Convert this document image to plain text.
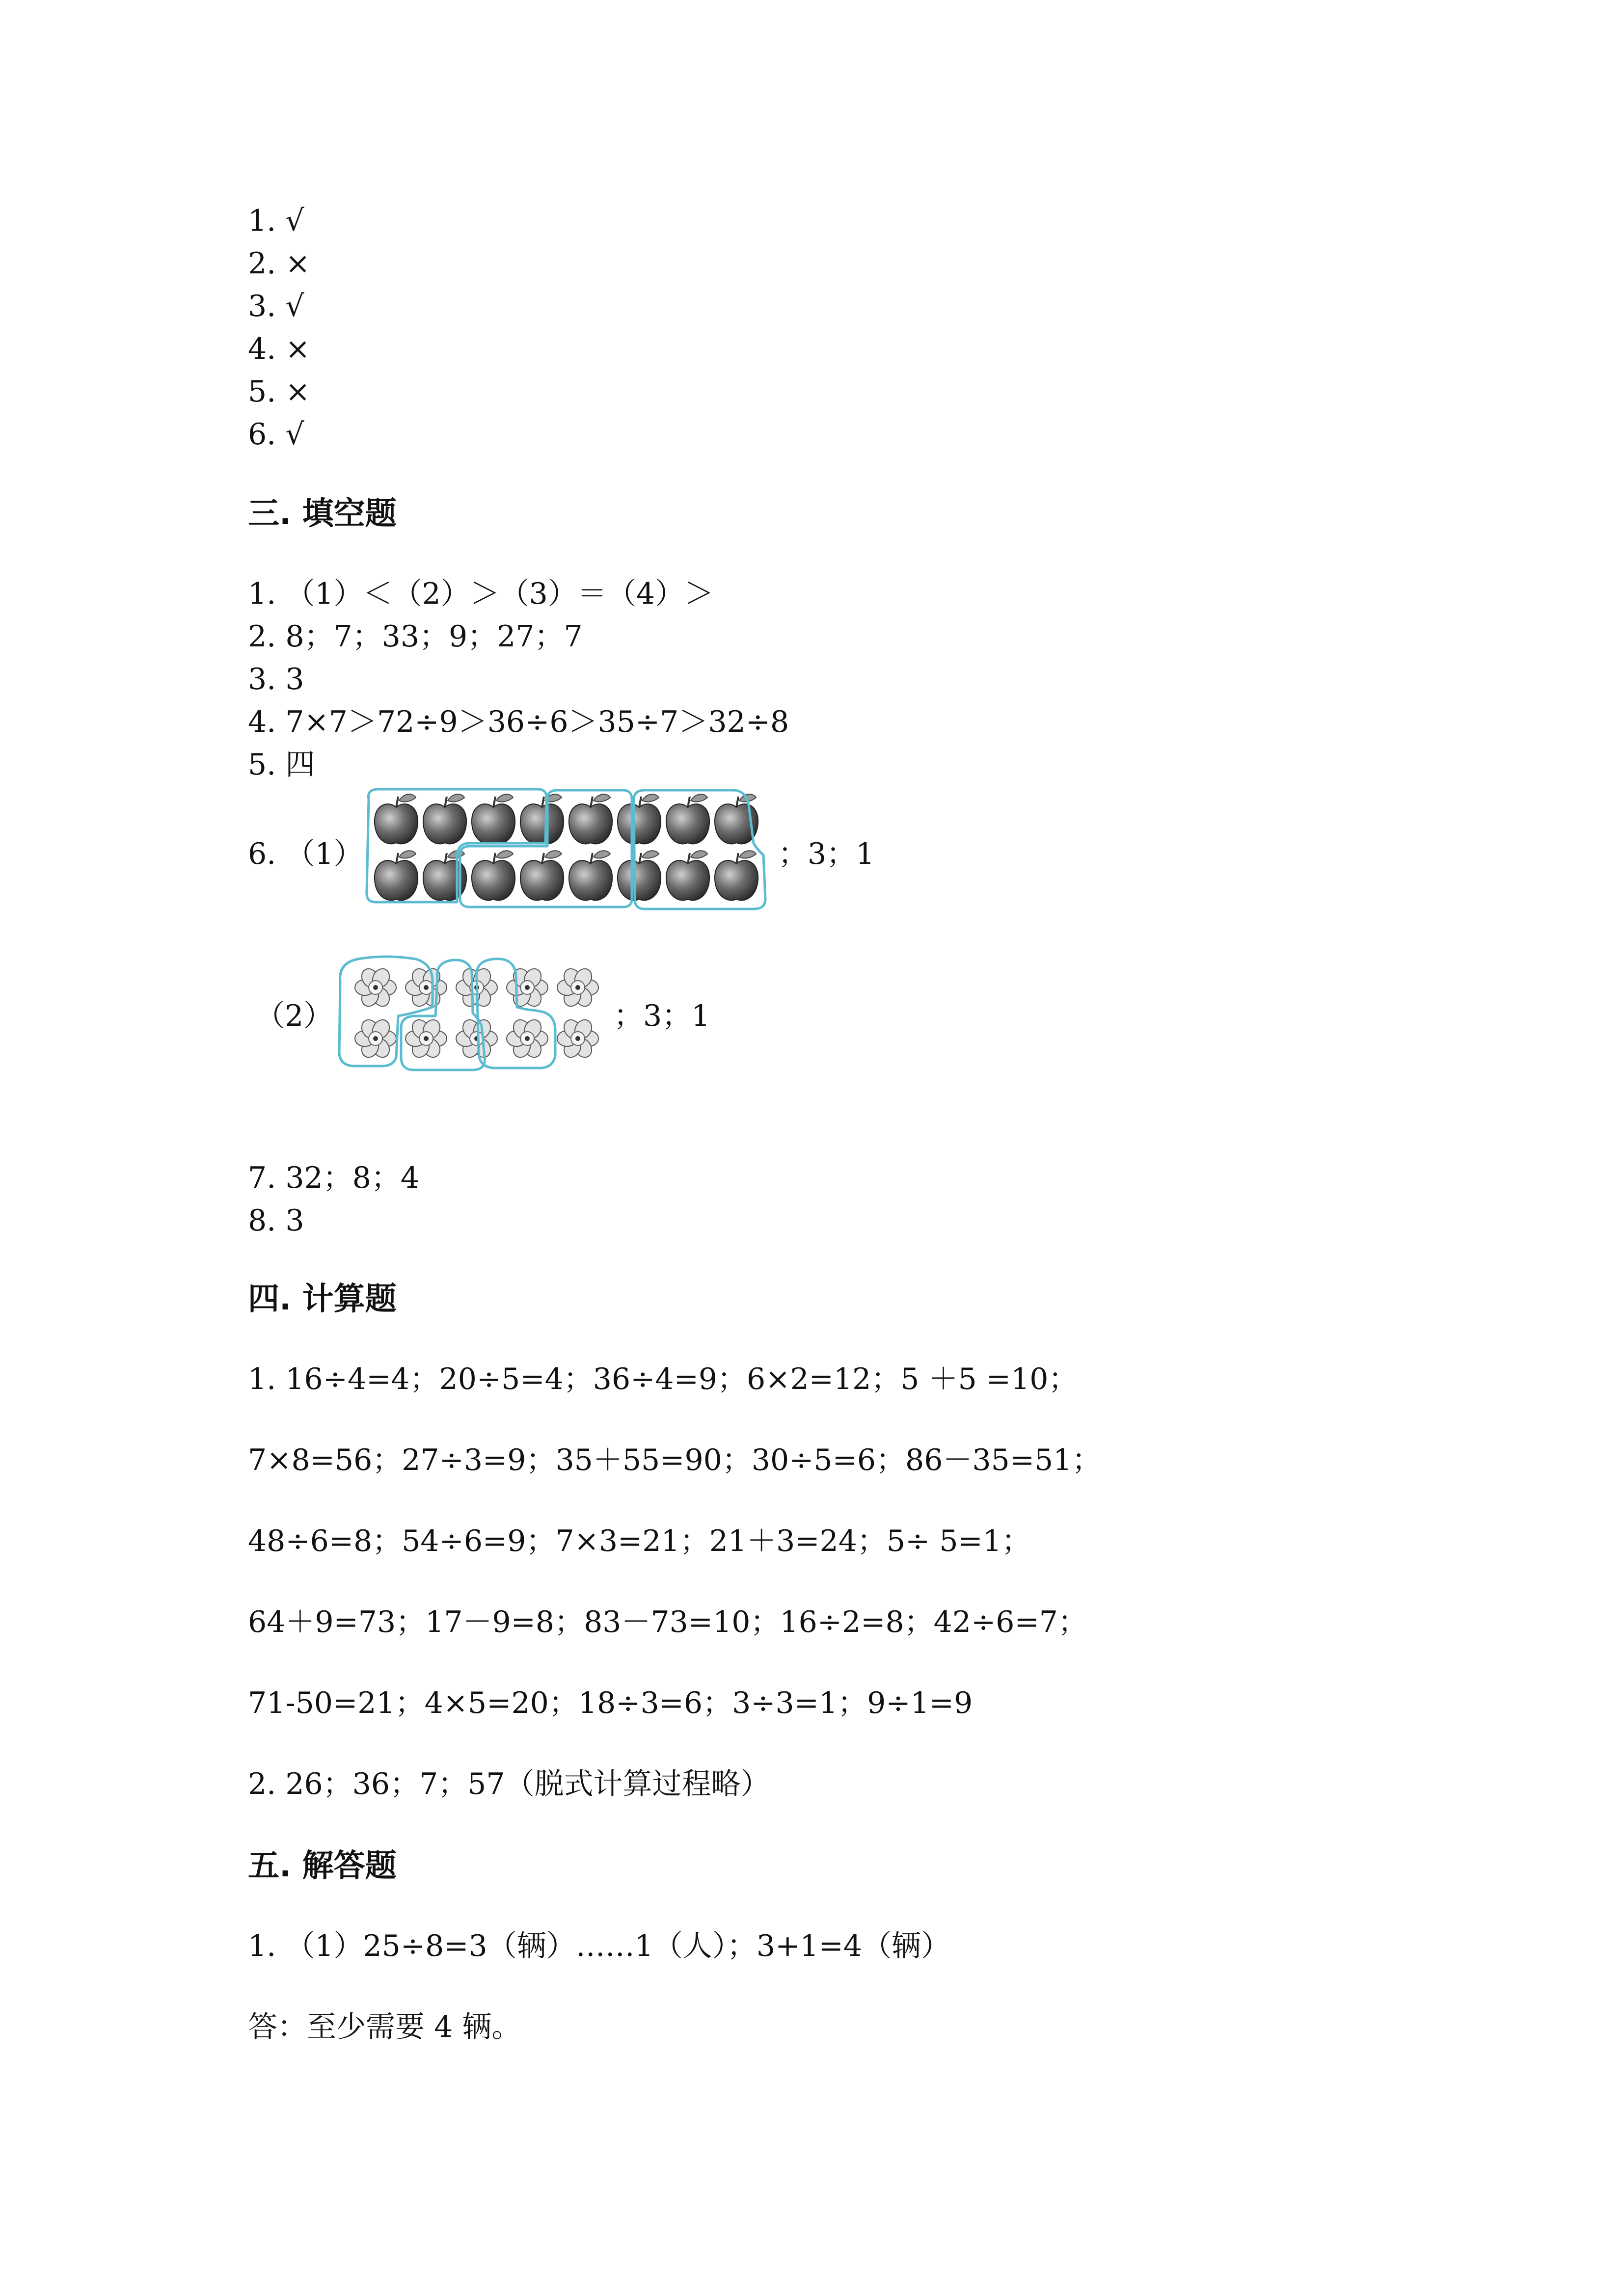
1. √
2. ×
3. √
4. ×
5. ×
6. √
三. 填空题
1. （1）＜（2）＞（3）＝（4）＞
2. 8；7；33；9；27；7
3. 3
4. 7×7＞72÷9＞36÷6＞35÷7＞32÷8
5. 四
6. （1）	；3；1
（2）	；3；1
7. 32；8；4
8. 3
四. 计算题
1. 16÷4=4；20÷5=4；36÷4=9；6×2=12；5 ＋5 =10；
7×8=56；27÷3=9；35＋55=90；30÷5=6；86－35=51；
48÷6=8；54÷6=9；7×3=21；21＋3=24；5÷ 5=1；
64＋9=73；17－9=8；83－73=10；16÷2=8；42÷6=7；
71-50=21；4×5=20；18÷3=6；3÷3=1；9÷1=9
2. 26；36；7；57（脱式计算过程略）
五. 解答题
1. （1）25÷8=3（辆）……1（人）；3+1=4（辆）
答：至少需要 4 辆。
